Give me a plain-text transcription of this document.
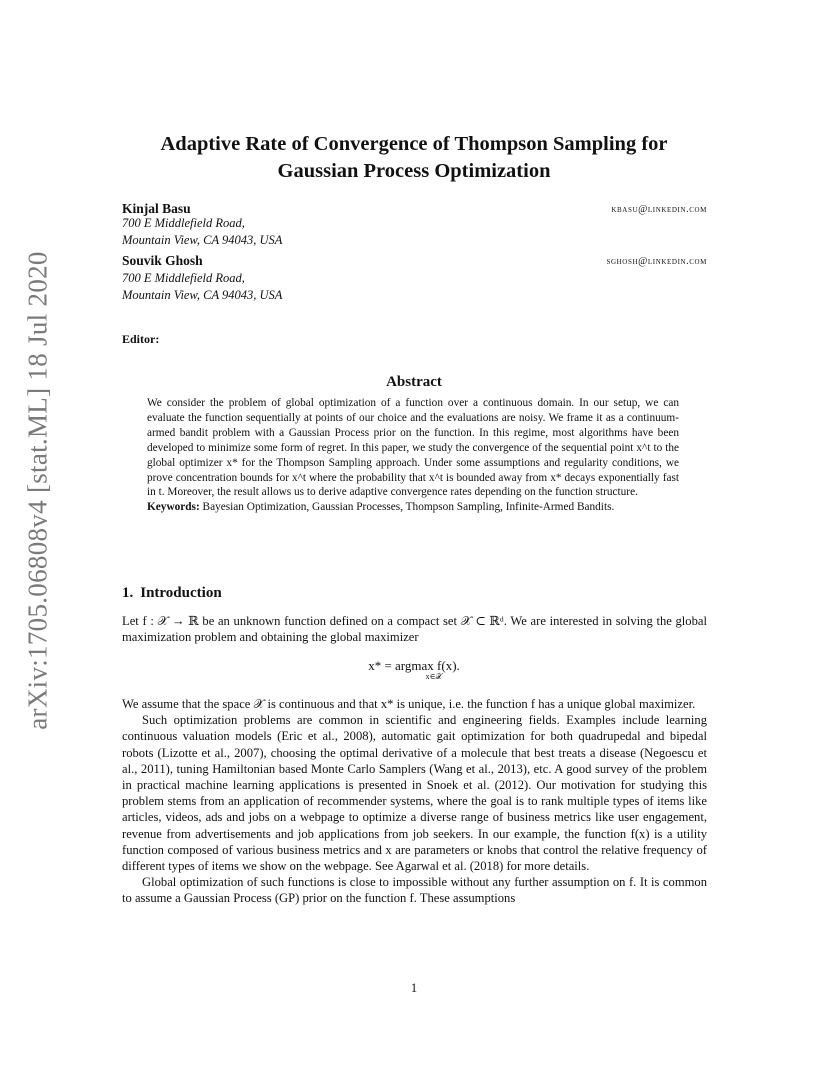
arXiv:1705.06808v4 [stat.ML] 18 Jul 2020
Adaptive Rate of Convergence of Thompson Sampling for
Gaussian Process Optimization
Kinjal Basu	kbasu@linkedin.com
700 E Middlefield Road,
Mountain View, CA 94043, USA
Souvik Ghosh	sghosh@linkedin.com
700 E Middlefield Road,
Mountain View, CA 94043, USA
Editor:
Abstract

We consider the problem of global optimization of a function over a continuous domain. In our setup, we can evaluate the function sequentially at points of our choice and the evaluations are noisy. We frame it as a continuum-armed bandit problem with a Gaussian Process prior on the function. In this regime, most algorithms have been developed to minimize some form of regret. In this paper, we study the convergence of the sequential point x^t to the global optimizer x* for the Thompson Sampling approach. Under some assumptions and regularity conditions, we prove concentration bounds for x^t where the probability that x^t is bounded away from x* decays exponentially fast in t. Moreover, the result allows us to derive adaptive convergence rates depending on the function structure.

Keywords: Bayesian Optimization, Gaussian Processes, Thompson Sampling, Infinite-Armed Bandits.

1. Introduction
Let f : 𝒳 → ℝ be an unknown function defined on a compact set 𝒳 ⊂ ℝᵈ. We are interested in solving the global maximization problem and obtaining the global maximizer
x* = argmax f(x).
x∈𝒳

We assume that the space 𝒳 is continuous and that x* is unique, i.e. the function f has a unique global maximizer.

Such optimization problems are common in scientific and engineering fields. Examples include learning continuous valuation models (Eric et al., 2008), automatic gait optimization for both quadrupedal and bipedal robots (Lizotte et al., 2007), choosing the optimal derivative of a molecule that best treats a disease (Negoescu et al., 2011), tuning Hamiltonian based Monte Carlo Samplers (Wang et al., 2013), etc. A good survey of the problem in practical machine learning applications is presented in Snoek et al. (2012). Our motivation for studying this problem stems from an application of recommender systems, where the goal is to rank multiple types of items like articles, videos, ads and jobs on a webpage to optimize a diverse range of business metrics like user engagement, revenue from advertisements and job applications from job seekers. In our example, the function f(x) is a utility function composed of various business metrics and x are parameters or knobs that control the relative frequency of different types of items we show on the webpage. See Agarwal et al. (2018) for more details.

Global optimization of such functions is close to impossible without any further assumption on f. It is common to assume a Gaussian Process (GP) prior on the function f. These assumptions

1
